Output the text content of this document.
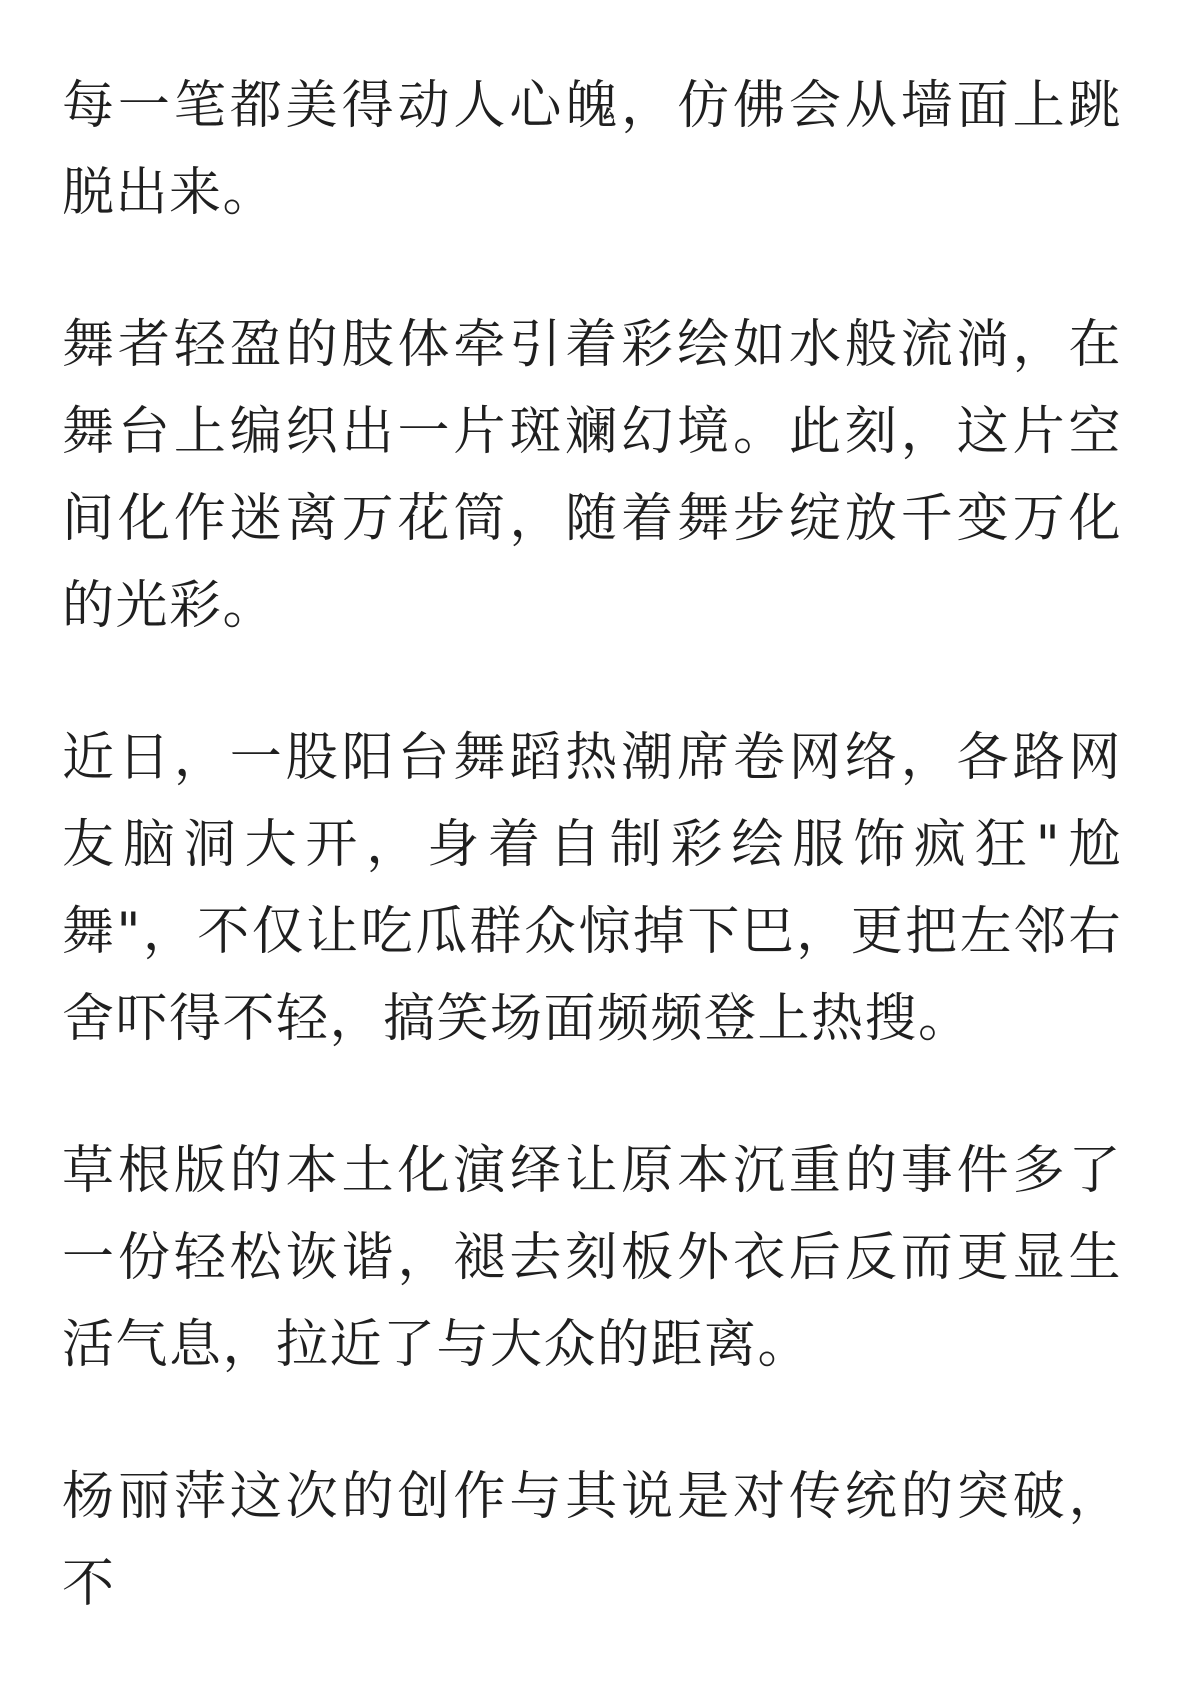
每一笔都美得动人心魄，仿佛会从墙面上跳脱出来。

舞者轻盈的肢体牵引着彩绘如水般流淌，在舞台上编织出一片斑斓幻境。此刻，这片空间化作迷离万花筒，随着舞步绽放千变万化的光彩。

近日，一股阳台舞蹈热潮席卷网络，各路网友脑洞大开，身着自制彩绘服饰疯狂"尬舞"，不仅让吃瓜群众惊掉下巴，更把左邻右舍吓得不轻，搞笑场面频频登上热搜。

草根版的本土化演绎让原本沉重的事件多了一份轻松诙谐，褪去刻板外衣后反而更显生活气息，拉近了与大众的距离。

杨丽萍这次的创作与其说是对传统的突破，不
